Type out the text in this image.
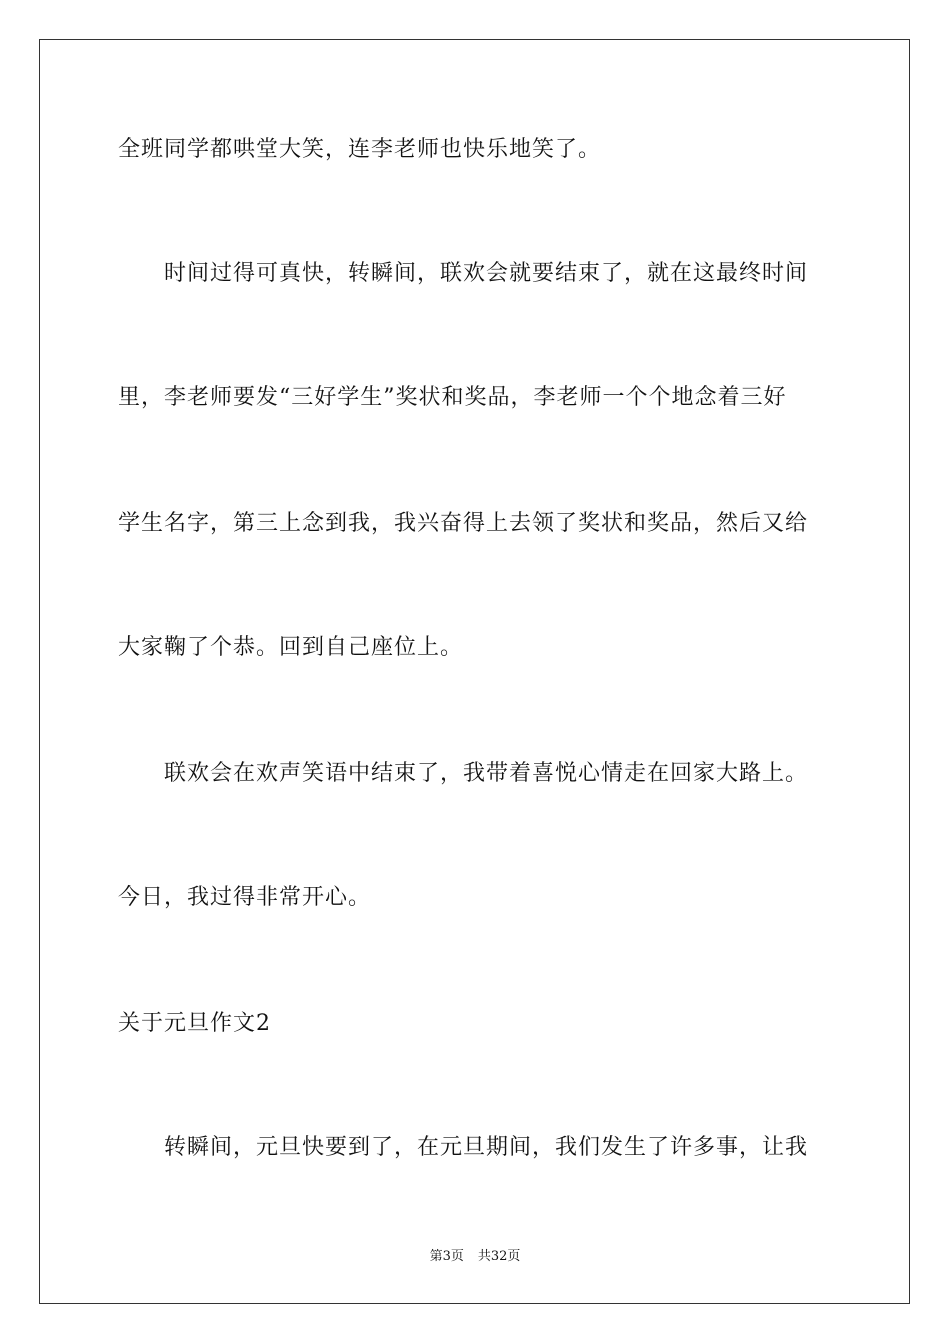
全班同学都哄堂大笑，连李老师也快乐地笑了。
　　时间过得可真快，转瞬间，联欢会就要结束了，就在这最终时间
里，李老师要发“三好学生”奖状和奖品，李老师一个个地念着三好
学生名字，第三上念到我，我兴奋得上去领了奖状和奖品，然后又给
大家鞠了个恭。回到自己座位上。
　　联欢会在欢声笑语中结束了，我带着喜悦心情走在回家大路上。
今日，我过得非常开心。
关于元旦作文2
　　转瞬间，元旦快要到了，在元旦期间，我们发生了许多事，让我
第3页 共32页
